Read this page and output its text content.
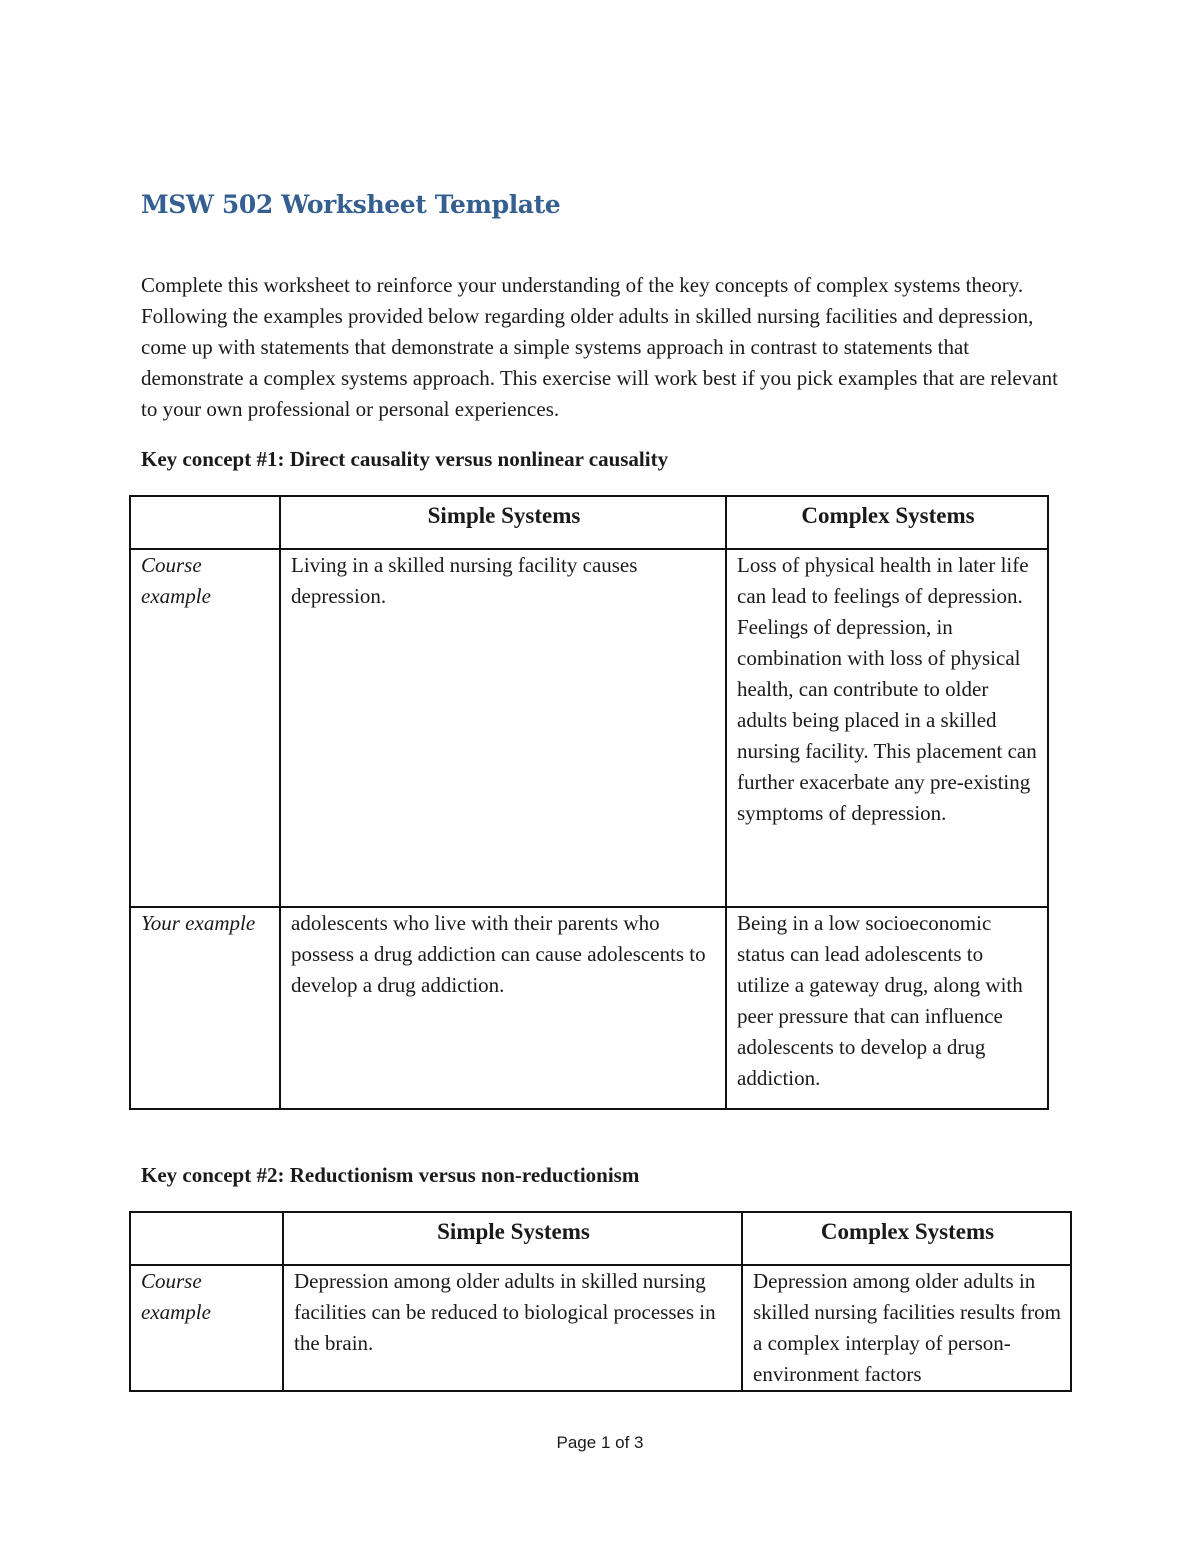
MSW 502 Worksheet Template

Complete this worksheet to reinforce your understanding of the key concepts of complex systems theory. Following the examples provided below regarding older adults in skilled nursing facilities and depression, come up with statements that demonstrate a simple systems approach in contrast to statements that demonstrate a complex systems approach. This exercise will work best if you pick examples that are relevant to your own professional or personal experiences.

Key concept #1: Direct causality versus nonlinear causality
	Simple Systems	Complex Systems
Course example	Living in a skilled nursing facility causes depression.	Loss of physical health in later life can lead to feelings of depression. Feelings of depression, in combination with loss of physical health, can contribute to older adults being placed in a skilled nursing facility. This placement can further exacerbate any pre-existing symptoms of depression.
Your example	adolescents who live with their parents who possess a drug addiction can cause adolescents to develop a drug addiction.	Being in a low socioeconomic status can lead adolescents to utilize a gateway drug, along with peer pressure that can influence adolescents to develop a drug addiction.
Key concept #2: Reductionism versus non-reductionism
	Simple Systems	Complex Systems
Course example	Depression among older adults in skilled nursing facilities can be reduced to biological processes in the brain.	Depression among older adults in skilled nursing facilities results from a complex interplay of person-environment factors
Page 1 of 3
